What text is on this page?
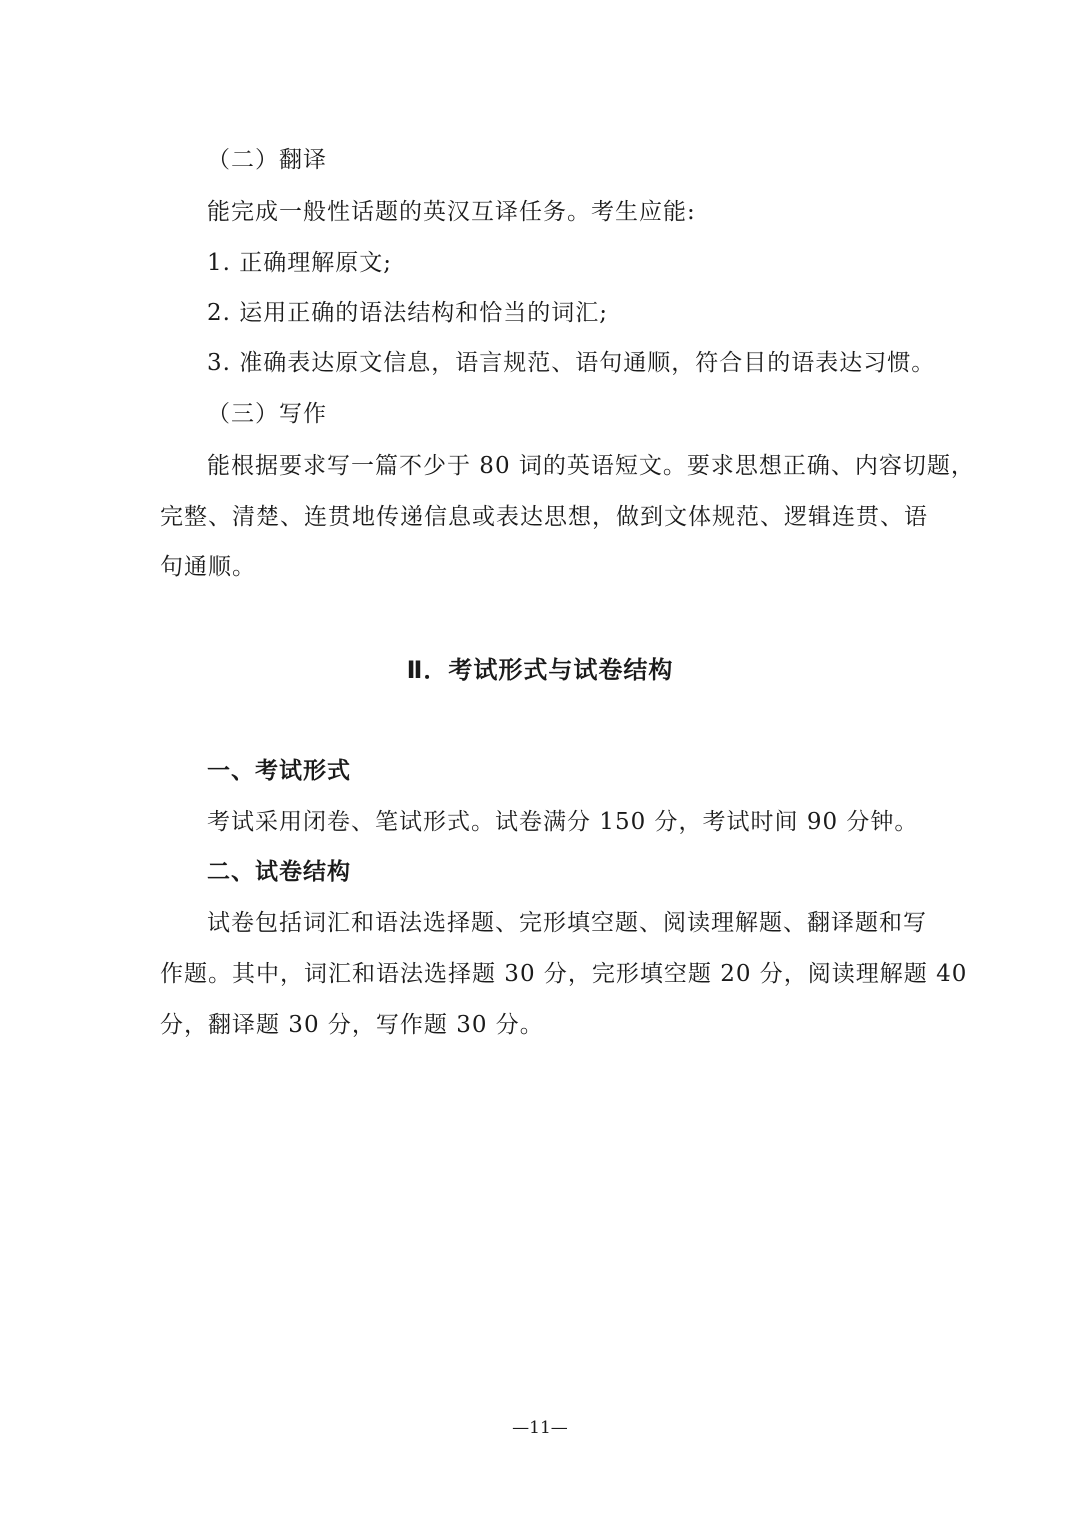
（二）翻译
能完成一般性话题的英汉互译任务。考生应能:
1. 正确理解原文;
2. 运用正确的语法结构和恰当的词汇;
3. 准确表达原文信息，语言规范、语句通顺，符合目的语表达习惯。
（三）写作
能根据要求写一篇不少于 80 词的英语短文。要求思想正确、内容切题，
完整、清楚、连贯地传递信息或表达思想，做到文体规范、逻辑连贯、语
句通顺。
Ⅱ．考试形式与试卷结构
一、考试形式
考试采用闭卷、笔试形式。试卷满分 150 分，考试时间 90 分钟。
二、试卷结构
试卷包括词汇和语法选择题、完形填空题、阅读理解题、翻译题和写
作题。其中，词汇和语法选择题 30 分，完形填空题 20 分，阅读理解题 40
分，翻译题 30 分，写作题 30 分。
—11—
